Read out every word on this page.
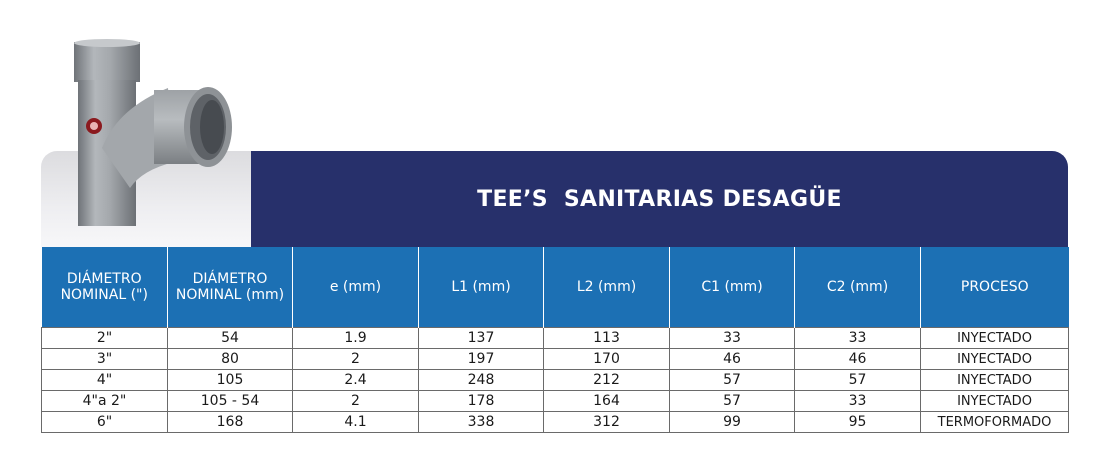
TEE’S  SANITARIAS DESAGÜE
DIÁMETRO NOMINAL (")	DIÁMETRO NOMINAL (mm)	e (mm)	L1 (mm)	L2 (mm)	C1 (mm)	C2 (mm)	PROCESO
2"	54	1.9	137	113	33	33	INYECTADO
3"	80	2	197	170	46	46	INYECTADO
4"	105	2.4	248	212	57	57	INYECTADO
4"a 2"	105 - 54	2	178	164	57	33	INYECTADO
6"	168	4.1	338	312	99	95	TERMOFORMADO
